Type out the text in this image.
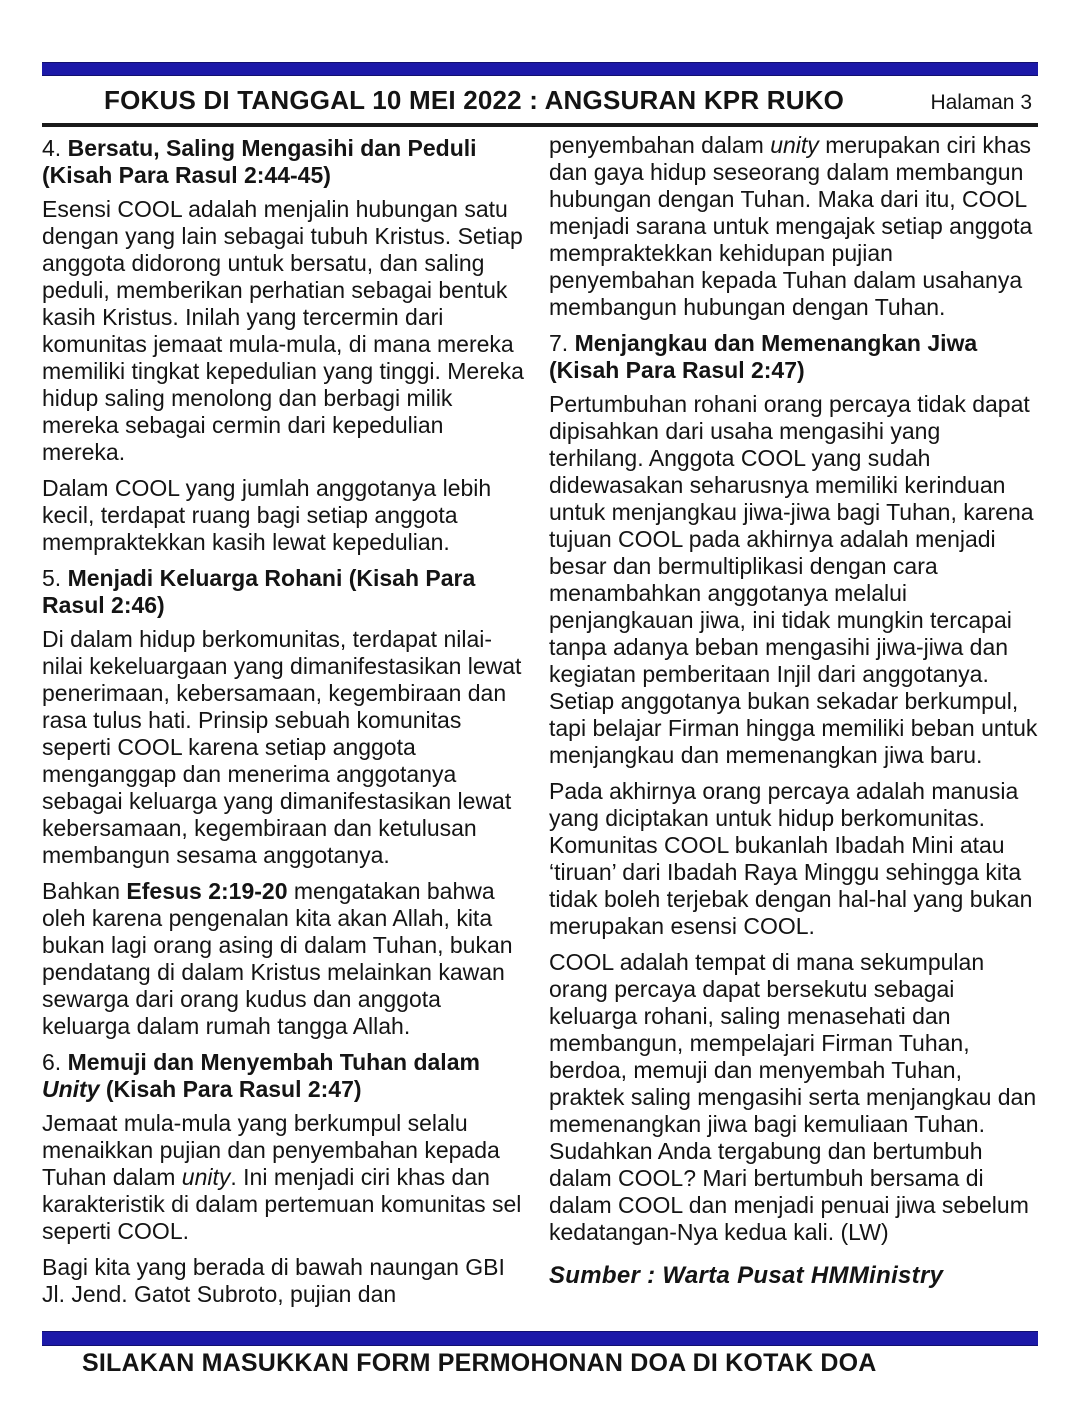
FOKUS DI TANGGAL 10 MEI 2022 : ANGSURAN KPR RUKO	Halaman 3
4. Bersatu, Saling Mengasihi dan Peduli (Kisah Para Rasul 2:44-45)
Esensi COOL adalah menjalin hubungan satu dengan yang lain sebagai tubuh Kristus. Setiap anggota didorong untuk bersatu, dan saling peduli, memberikan perhatian sebagai bentuk kasih Kristus. Inilah yang tercermin dari komunitas jemaat mula-mula, di mana mereka memiliki tingkat kepedulian yang tinggi. Mereka hidup saling menolong dan berbagi milik mereka sebagai cermin dari kepedulian mereka.
Dalam COOL yang jumlah anggotanya lebih kecil, terdapat ruang bagi setiap anggota mempraktekkan kasih lewat kepedulian.
5. Menjadi Keluarga Rohani (Kisah Para Rasul 2:46)
Di dalam hidup berkomunitas, terdapat nilai-nilai kekeluargaan yang dimanifestasikan lewat penerimaan, kebersamaan, kegembiraan dan rasa tulus hati. Prinsip sebuah komunitas seperti COOL karena setiap anggota menganggap dan menerima anggotanya sebagai keluarga yang dimanifestasikan lewat kebersamaan, kegembiraan dan ketulusan membangun sesama anggotanya.
Bahkan Efesus 2:19-20 mengatakan bahwa oleh karena pengenalan kita akan Allah, kita bukan lagi orang asing di dalam Tuhan, bukan pendatang di dalam Kristus melainkan kawan sewarga dari orang kudus dan anggota keluarga dalam rumah tangga Allah.
6. Memuji dan Menyembah Tuhan dalam Unity (Kisah Para Rasul 2:47)
Jemaat mula-mula yang berkumpul selalu menaikkan pujian dan penyembahan kepada Tuhan dalam unity. Ini menjadi ciri khas dan karakteristik di dalam pertemuan komunitas sel seperti COOL.
Bagi kita yang berada di bawah naungan GBI Jl. Jend. Gatot Subroto, pujian dan
penyembahan dalam unity merupakan ciri khas dan gaya hidup seseorang dalam membangun hubungan dengan Tuhan. Maka dari itu, COOL menjadi sarana untuk mengajak setiap anggota mempraktekkan kehidupan pujian penyembahan kepada Tuhan dalam usahanya membangun hubungan dengan Tuhan.
7. Menjangkau dan Memenangkan Jiwa (Kisah Para Rasul 2:47)
Pertumbuhan rohani orang percaya tidak dapat dipisahkan dari usaha mengasihi yang terhilang. Anggota COOL yang sudah didewasakan seharusnya memiliki kerinduan untuk menjangkau jiwa-jiwa bagi Tuhan, karena tujuan COOL pada akhirnya adalah menjadi besar dan bermultiplikasi dengan cara menambahkan anggotanya melalui penjangkauan jiwa, ini tidak mungkin tercapai tanpa adanya beban mengasihi jiwa-jiwa dan kegiatan pemberitaan Injil dari anggotanya. Setiap anggotanya bukan sekadar berkumpul, tapi belajar Firman hingga memiliki beban untuk menjangkau dan memenangkan jiwa baru.
Pada akhirnya orang percaya adalah manusia yang diciptakan untuk hidup berkomunitas. Komunitas COOL bukanlah Ibadah Mini atau ‘tiruan’ dari Ibadah Raya Minggu sehingga kita tidak boleh terjebak dengan hal-hal yang bukan merupakan esensi COOL.
COOL adalah tempat di mana sekumpulan orang percaya dapat bersekutu sebagai keluarga rohani, saling menasehati dan membangun, mempelajari Firman Tuhan, berdoa, memuji dan menyembah Tuhan, praktek saling mengasihi serta menjangkau dan memenangkan jiwa bagi kemuliaan Tuhan. Sudahkan Anda tergabung dan bertumbuh dalam COOL? Mari bertumbuh bersama di dalam COOL dan menjadi penuai jiwa sebelum kedatangan-Nya kedua kali. (LW)
Sumber : Warta Pusat HMMinistry
SILAKAN MASUKKAN FORM PERMOHONAN DOA DI KOTAK DOA
